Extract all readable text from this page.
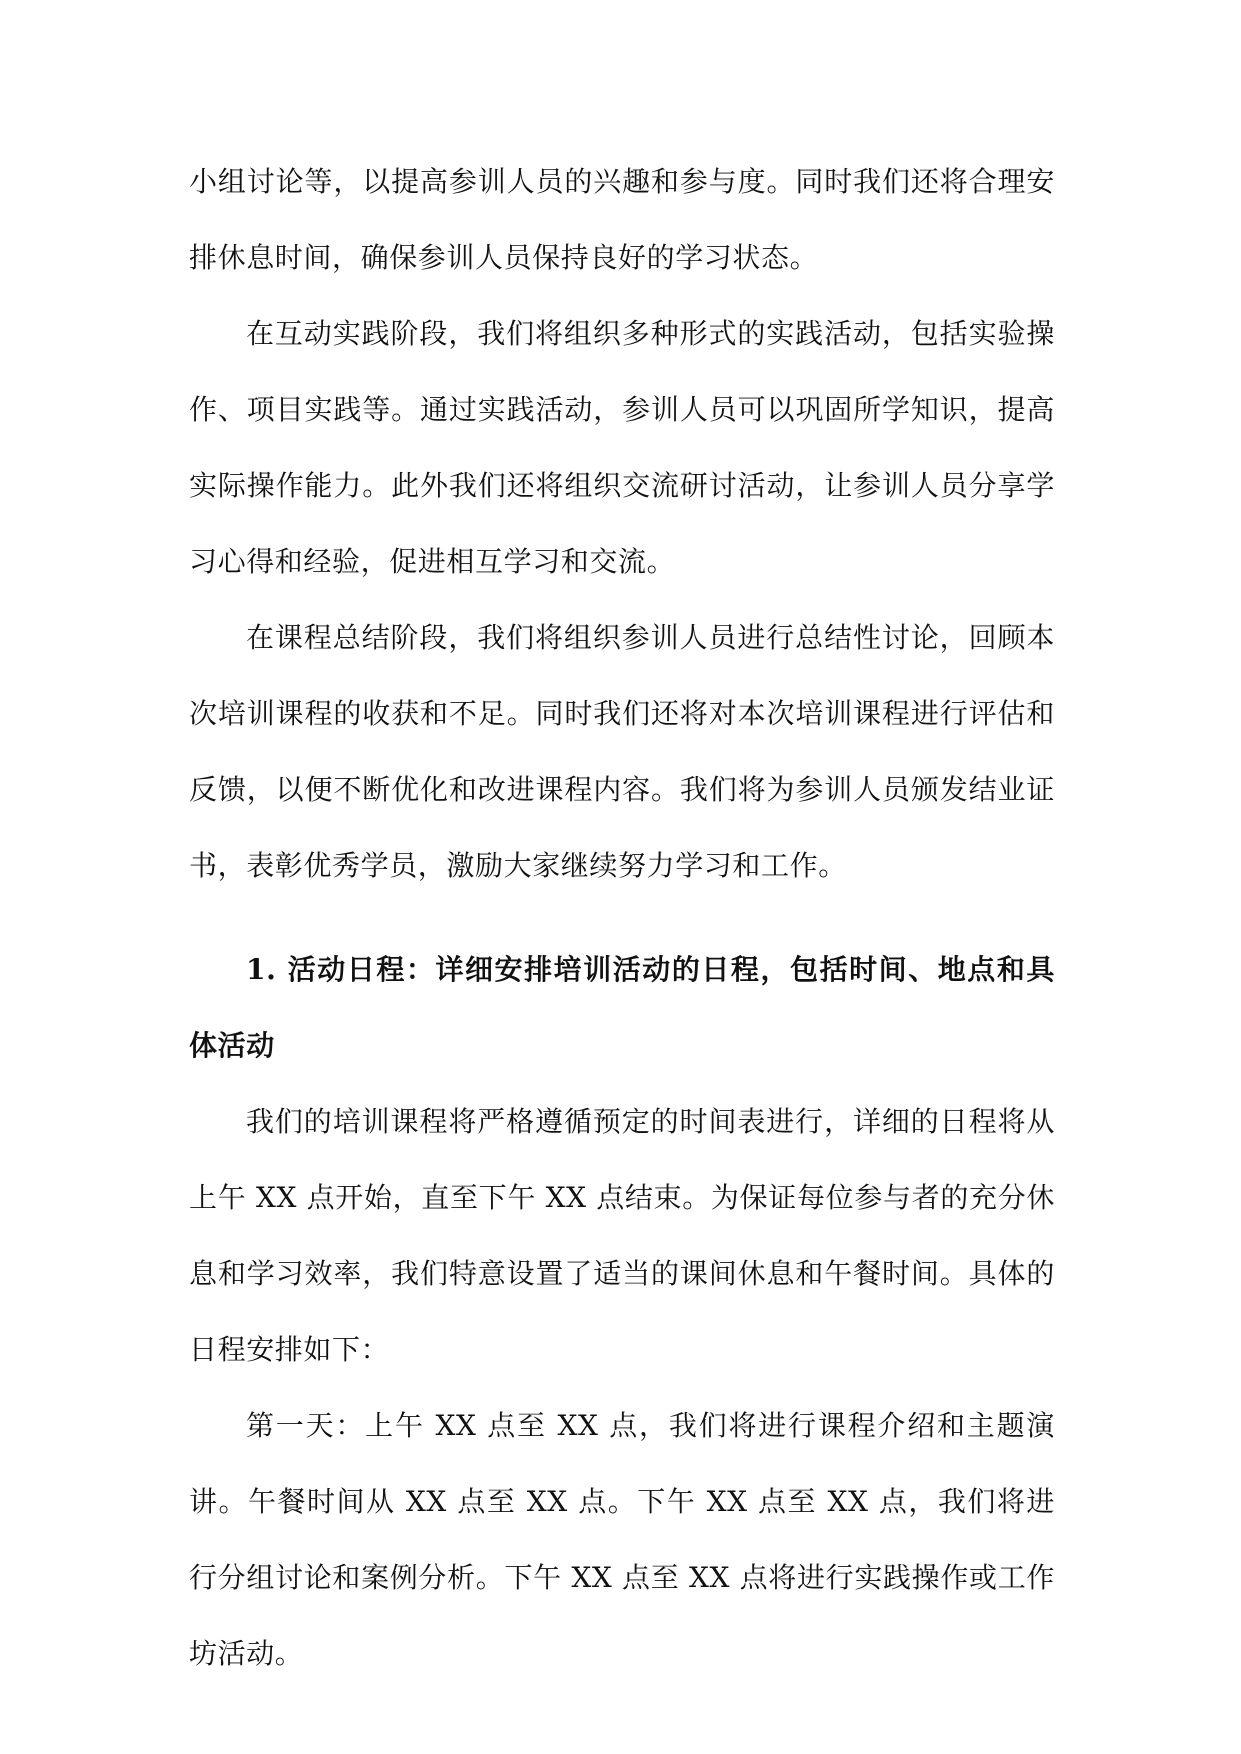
小组讨论等，以提高参训人员的兴趣和参与度。同时我们还将合理安排休息时间，确保参训人员保持良好的学习状态。

在互动实践阶段，我们将组织多种形式的实践活动，包括实验操作、项目实践等。通过实践活动，参训人员可以巩固所学知识，提高实际操作能力。此外我们还将组织交流研讨活动，让参训人员分享学习心得和经验，促进相互学习和交流。

在课程总结阶段，我们将组织参训人员进行总结性讨论，回顾本次培训课程的收获和不足。同时我们还将对本次培训课程进行评估和反馈，以便不断优化和改进课程内容。我们将为参训人员颁发结业证书，表彰优秀学员，激励大家继续努力学习和工作。

1. 活动日程：详细安排培训活动的日程，包括时间、地点和具体活动

我们的培训课程将严格遵循预定的时间表进行，详细的日程将从上午 XX 点开始，直至下午 XX 点结束。为保证每位参与者的充分休息和学习效率，我们特意设置了适当的课间休息和午餐时间。具体的日程安排如下：

第一天：上午 XX 点至 XX 点，我们将进行课程介绍和主题演讲。午餐时间从 XX 点至 XX 点。下午 XX 点至 XX 点，我们将进行分组讨论和案例分析。下午 XX 点至 XX 点将进行实践操作或工作坊活动。
